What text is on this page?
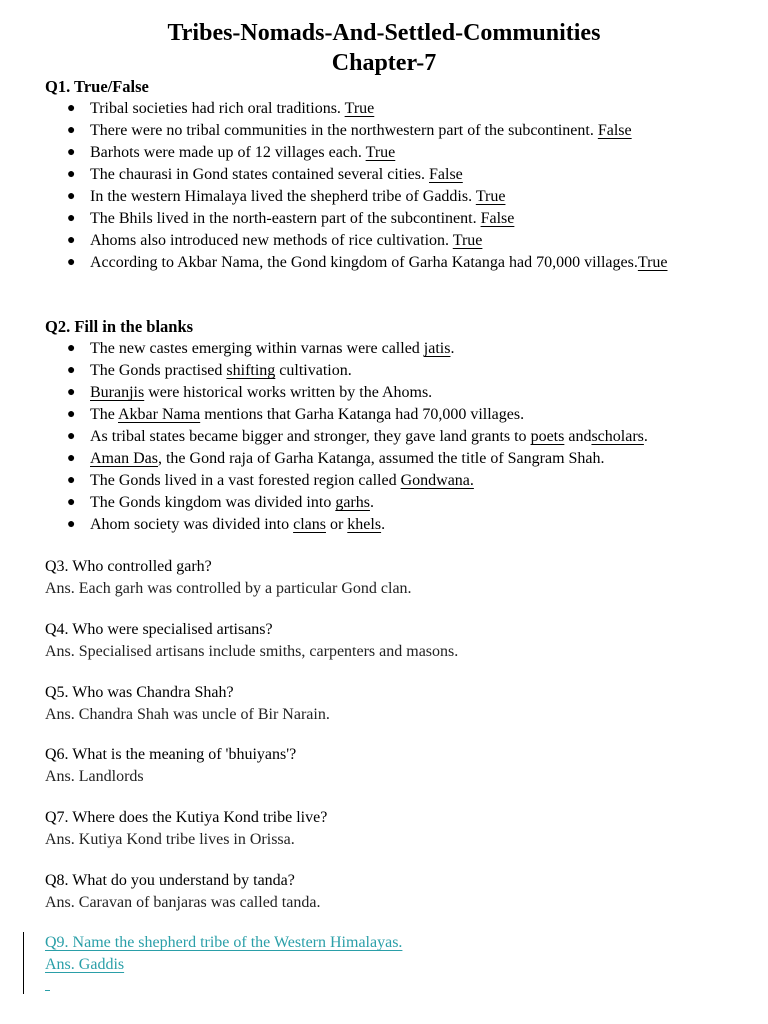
Tribes-Nomads-And-Settled-Communities
Chapter-7
Q1. True/False
● Tribal societies had rich oral traditions. True
● There were no tribal communities in the northwestern part of the subcontinent. False
● Barhots were made up of 12 villages each. True
● The chaurasi in Gond states contained several cities. False
● In the western Himalaya lived the shepherd tribe of Gaddis. True
● The Bhils lived in the north-eastern part of the subcontinent. False
● Ahoms also introduced new methods of rice cultivation. True
● According to Akbar Nama, the Gond kingdom of Garha Katanga had 70,000 villages.True
Q2. Fill in the blanks
● The new castes emerging within varnas were called jatis.
● The Gonds practised shifting cultivation.
● Buranjis were historical works written by the Ahoms.
● The Akbar Nama mentions that Garha Katanga had 70,000 villages.
● As tribal states became bigger and stronger, they gave land grants to poets andscholars.
● Aman Das, the Gond raja of Garha Katanga, assumed the title of Sangram Shah.
● The Gonds lived in a vast forested region called Gondwana.
● The Gonds kingdom was divided into garhs.
● Ahom society was divided into clans or khels.
Q3. Who controlled garh?
Ans. Each garh was controlled by a particular Gond clan.
Q4. Who were specialised artisans?
Ans. Specialised artisans include smiths, carpenters and masons.
Q5. Who was Chandra Shah?
Ans. Chandra Shah was uncle of Bir Narain.
Q6. What is the meaning of 'bhuiyans'?
Ans. Landlords
Q7. Where does the Kutiya Kond tribe live?
Ans. Kutiya Kond tribe lives in Orissa.
Q8. What do you understand by tanda?
Ans. Caravan of banjaras was called tanda.
Q9. Name the shepherd tribe of the Western Himalayas.
Ans. Gaddis
